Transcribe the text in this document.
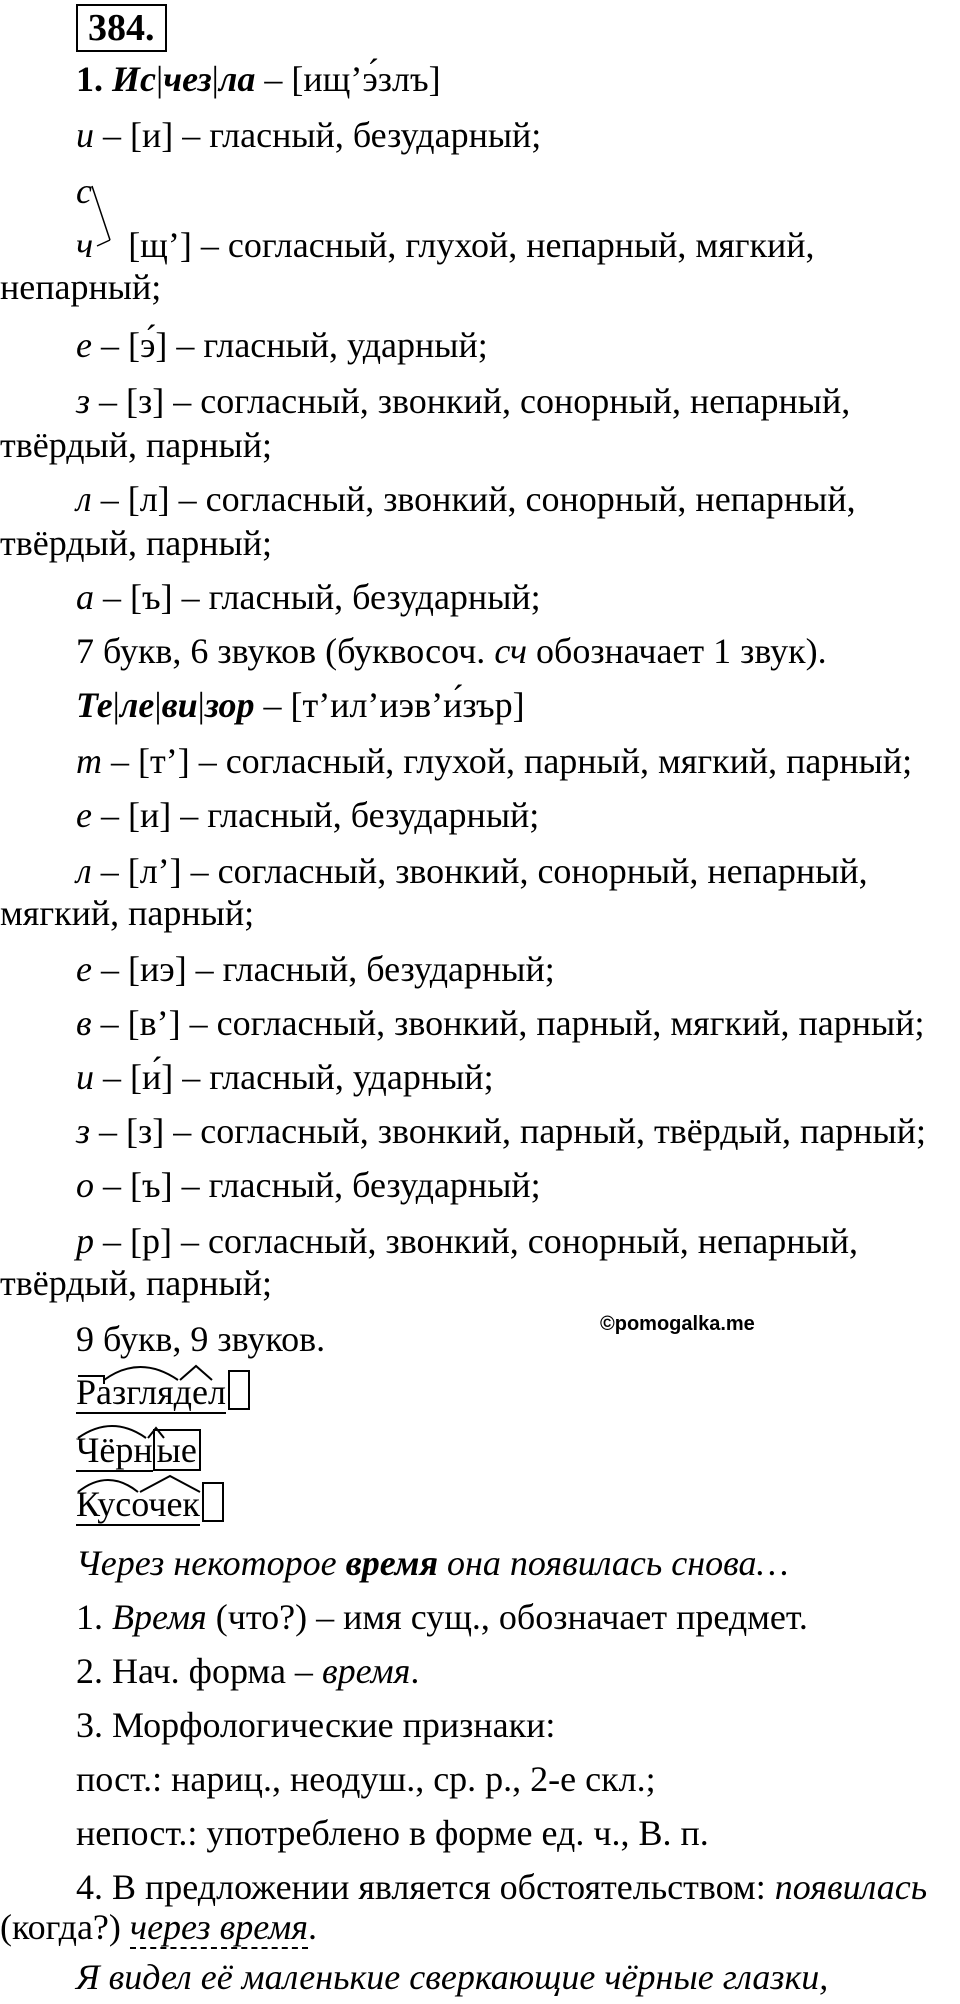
384.
1. Ис|чез|ла – [ищ’э́злъ]
и – [и] – гласный, безударный;
с
ч [щ’] – согласный, глухой, непарный, мягкий,
непарный;
е – [э́] – гласный, ударный;
з – [з] – согласный, звонкий, сонорный, непарный,
твёрдый, парный;
л – [л] – согласный, звонкий, сонорный, непарный,
твёрдый, парный;
а – [ъ] – гласный, безударный;
7 букв, 6 звуков (буквосоч. сч обозначает 1 звук).
Те|ле|ви|зор – [т’ил’иэв’и́зър]
т – [т’] – согласный, глухой, парный, мягкий, парный;
е – [и] – гласный, безударный;
л – [л’] – согласный, звонкий, сонорный, непарный,
мягкий, парный;
е – [иэ] – гласный, безударный;
в – [в’] – согласный, звонкий, парный, мягкий, парный;
и – [и́] – гласный, ударный;
з – [з] – согласный, звонкий, парный, твёрдый, парный;
о – [ъ] – гласный, безударный;
р – [р] – согласный, звонкий, сонорный, непарный,
твёрдый, парный;
9 букв, 9 звуков.	©pomogalka.me
Разглядел
Чёрн ые
Кусочек
Через некоторое время она появилась снова…
1. Время (что?) – имя сущ., обозначает предмет.
2. Нач. форма – время.
3. Морфологические признаки:
пост.: нариц., неодуш., ср. р., 2-е скл.;
непост.: употреблено в форме ед. ч., В. п.
4. В предложении является обстоятельством: появилась
(когда?) через время.
Я видел её маленькие сверкающие чёрные глазки,
